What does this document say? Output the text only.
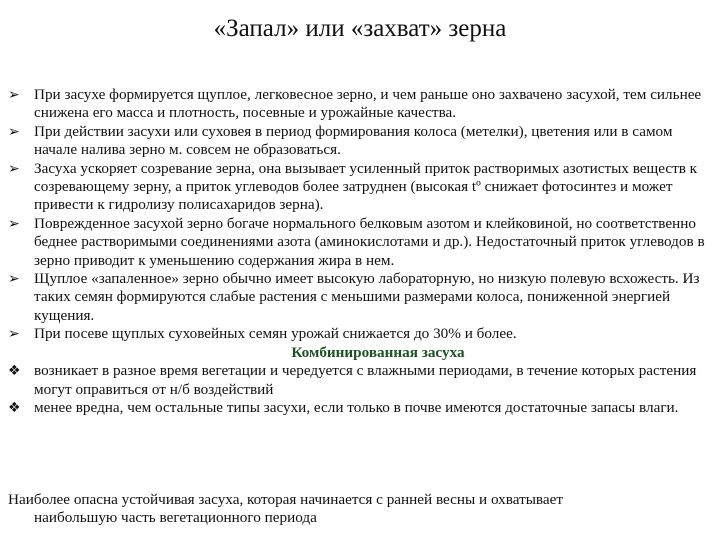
«Запал» или «захват» зерна
➢ При засухе формируется щуплое, легковесное зерно, и чем раньше оно захвачено засухой, тем сильнее снижена его масса и плотность, посевные и урожайные качества.
➢ При действии засухи или суховея в период формирования колоса (метелки), цветения или в самом начале налива зерно м. совсем не образоваться.
➢ Засуха ускоряет созревание зерна, она вызывает усиленный приток растворимых азотистых веществ к созревающему зерну, а приток углеводов более затруднен (высокая tº снижает фотосинтез и может привести к гидролизу полисахаридов зерна).
➢ Поврежденное засухой зерно богаче нормального белковым азотом и клейковиной, но соответственно беднее растворимыми соединениями азота (аминокислотами и др.). Недостаточный приток углеводов в зерно приводит к уменьшению содержания жира в нем.
➢ Щуплое «запаленное» зерно обычно имеет высокую лабораторную, но низкую полевую всхожесть. Из таких семян формируются слабые растения с меньшими размерами колоса, пониженной энергией кущения.
➢ При посеве щуплых суховейных семян урожай снижается до 30% и более.
Комбинированная засуха
❖ возникает в разное время вегетации и чередуется с влажными периодами, в течение которых растения могут оправиться от н/б воздействий
❖ менее вредна, чем остальные типы засухи, если только в почве имеются достаточные запасы влаги.
Наиболее опасна устойчивая засуха, которая начинается с ранней весны и охватывает
наибольшую часть вегетационного периода
